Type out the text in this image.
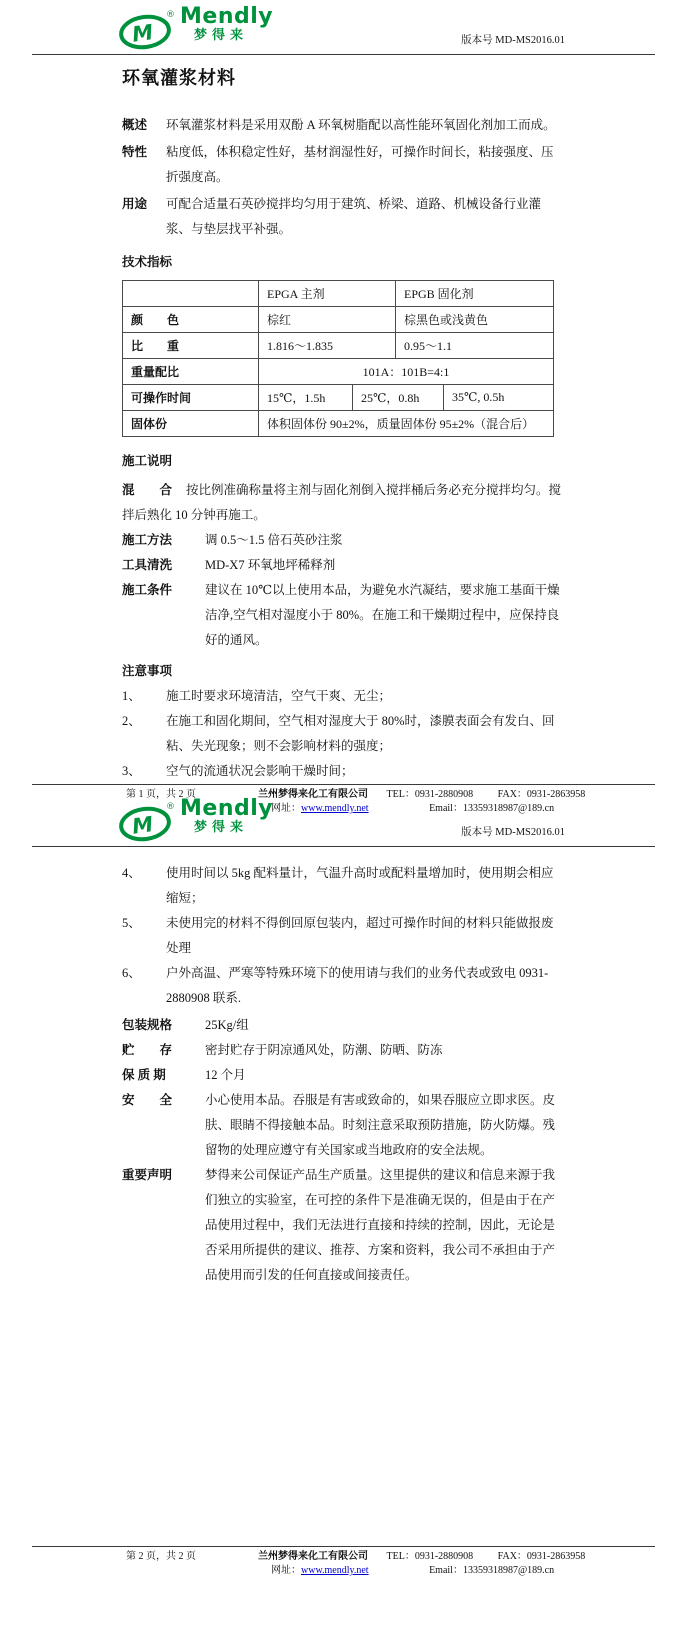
M
® Mendly
梦得来	版本号 MD-MS2016.01
环氧灌浆材料
概述	环氧灌浆材料是采用双酚 A 环氧树脂配以高性能环氧固化剂加工而成。
特性	粘度低，体积稳定性好，基材润湿性好，可操作时间长，粘接强度、压折强度高。
用途	可配合适量石英砂搅拌均匀用于建筑、桥梁、道路、机械设备行业灌浆、与垫层找平补强。
技术指标
	EPGA 主剂		EPGB 固化剂	
颜　　色	棕红		棕黑色或浅黄色	
比　　重	1.816～1.835		0.95～1.1	
重量配比	101A：101B=4:1			
可操作时间	15℃，1.5h	25℃，0.8h		35℃, 0.5h
固体份	体积固体份 90±2%，质量固体份 95±2%（混合后）			
施工说明
混　　合 按比例准确称量将主剂与固化剂倒入搅拌桶后务必充分搅拌均匀。搅拌后熟化 10 分钟再施工。
施工方法	调 0.5～1.5 倍石英砂注浆
工具清洗	MD-X7 环氧地坪稀释剂
施工条件	建议在 10℃以上使用本品，为避免水汽凝结，要求施工基面干燥洁净,空气相对湿度小于 80%。在施工和干燥期过程中，应保持良好的通风。
注意事项
1、	施工时要求环境清洁，空气干爽、无尘；
2、	在施工和固化期间，空气相对湿度大于 80%时，漆膜表面会有发白、回粘、失光现象；则不会影响材料的强度；
3、	空气的流通状况会影响干燥时间；
第 1 页，共 2 页	兰州梦得来化工有限公司 TEL：0931-2880908 FAX：0931-2863958
网址：www.mendly.net	Email：13359318987@189.cn
M
® Mendly
梦得来	版本号 MD-MS2016.01
4、	使用时间以 5kg 配料量计，气温升高时或配料量增加时，使用期会相应缩短；
5、	未使用完的材料不得倒回原包装内，超过可操作时间的材料只能做报废处理
6、	户外高温、严寒等特殊环境下的使用请与我们的业务代表或致电 0931-2880908 联系.
包装规格	25Kg/组
贮　　存	密封贮存于阴凉通风处，防潮、防晒、防冻
保 质 期	12 个月
安　　全	小心使用本品。吞服是有害或致命的，如果吞服应立即求医。皮肤、眼睛不得接触本品。时刻注意采取预防措施，防火防爆。残留物的处理应遵守有关国家或当地政府的安全法规。
重要声明	梦得来公司保证产品生产质量。这里提供的建议和信息来源于我们独立的实验室，在可控的条件下是准确无误的，但是由于在产品使用过程中，我们无法进行直接和持续的控制，因此，无论是否采用所提供的建议、推荐、方案和资料，我公司不承担由于产品使用而引发的任何直接或间接责任。
第 2 页，共 2 页	兰州梦得来化工有限公司 TEL：0931-2880908 FAX：0931-2863958
网址：www.mendly.net	Email：13359318987@189.cn
